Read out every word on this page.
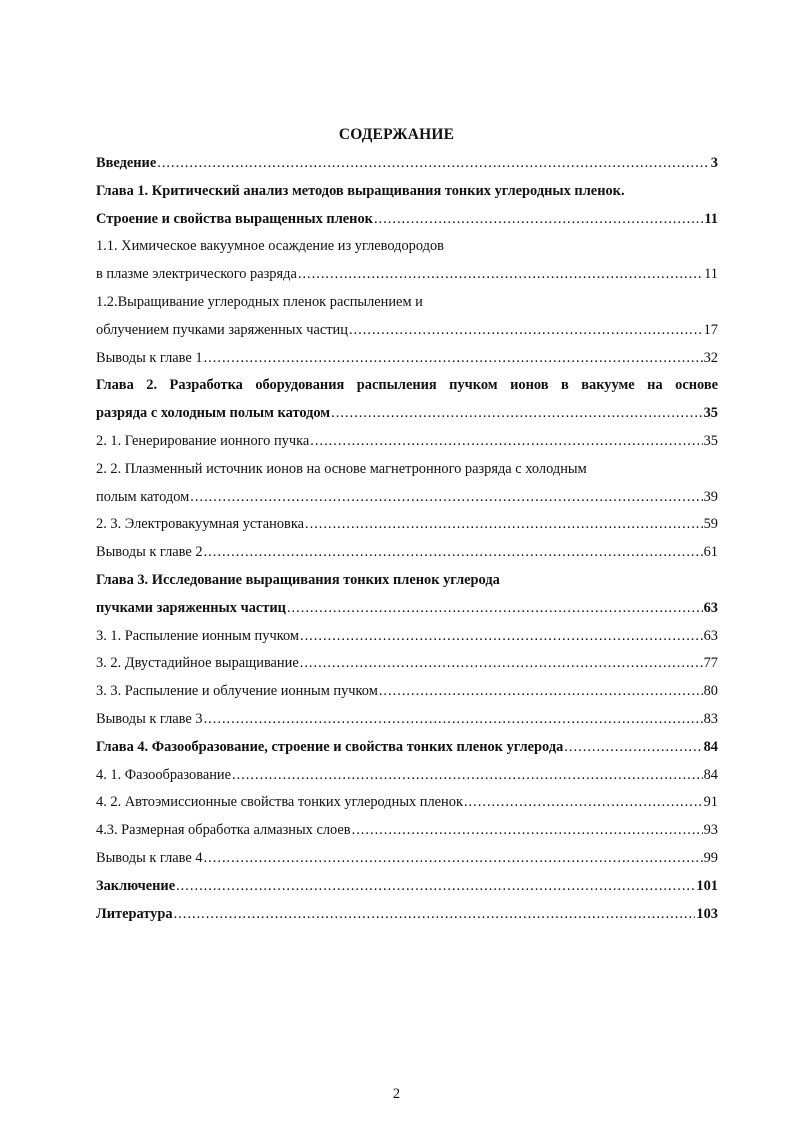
СОДЕРЖАНИЕ
Введение .....	3
Глава 1. Критический анализ методов выращивания тонких углеродных пленок.
Строение и свойства выращенных пленок .....	11
1.1. Химическое вакуумное осаждение из углеводородов
в плазме электрического разряда .....	11
1.2.Выращивание углеродных пленок распылением и
облучением пучками заряженных частиц .....	17
Выводы к главе 1 .....	32
Глава 2. Разработка оборудования распыления пучком ионов в вакууме на основе
разряда с холодным полым катодом .....	35
2. 1. Генерирование ионного пучка .....	35
2. 2. Плазменный источник ионов на основе магнетронного разряда с холодным
полым катодом .....	39
2. 3. Электровакуумная установка .....	59
Выводы к главе 2 .....	61
Глава 3. Исследование выращивания тонких пленок углерода
пучками заряженных частиц .....	63
3. 1. Распыление ионным пучком .....	63
3. 2. Двустадийное выращивание .....	77
3. 3. Распыление и облучение ионным пучком .....	80
Выводы к главе 3 .....	83
Глава 4. Фазообразование, строение и свойства тонких пленок углерода .....	84
4. 1. Фазообразование .....	84
4. 2. Автоэмиссионные свойства тонких углеродных пленок .....	91
4.3. Размерная обработка алмазных слоев .....	93
Выводы к главе 4 .....	99
Заключение .....	101
Литература .....	103
2
